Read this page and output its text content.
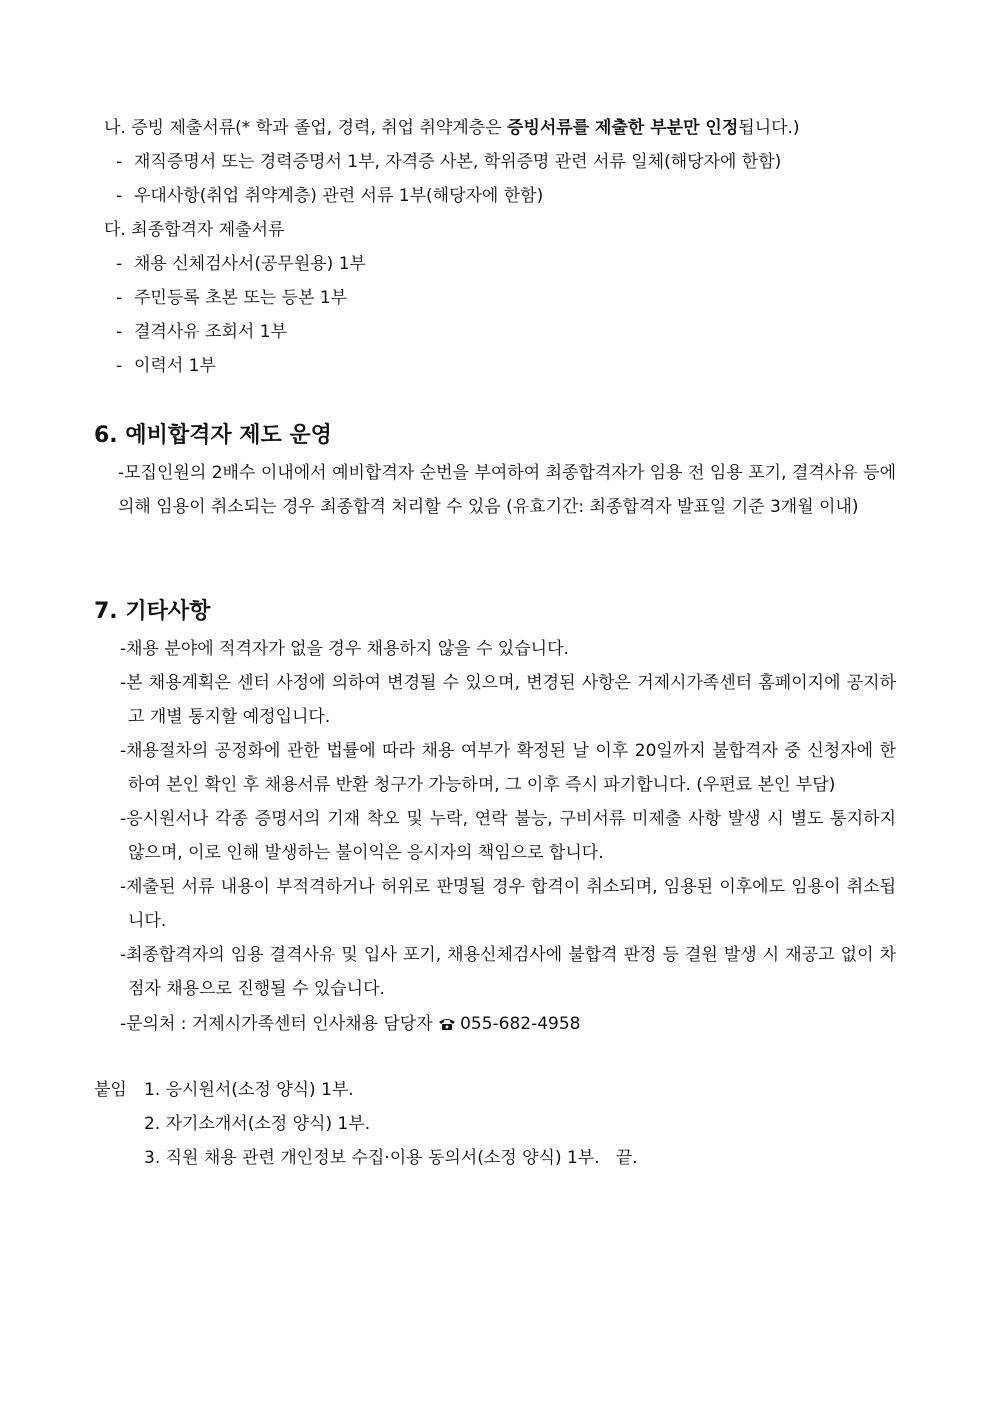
나. 증빙 제출서류(* 학과 졸업, 경력, 취업 취약계층은 증빙서류를 제출한 부분만 인정됩니다.)
- 재직증명서 또는 경력증명서 1부, 자격증 사본, 학위증명 관련 서류 일체(해당자에 한함)
- 우대사항(취업 취약계층) 관련 서류 1부(해당자에 한함)
다. 최종합격자 제출서류
- 채용 신체검사서(공무원용) 1부
- 주민등록 초본 또는 등본 1부
- 결격사유 조회서 1부
- 이력서 1부
6. 예비합격자 제도 운영
-모집인원의 2배수 이내에서 예비합격자 순번을 부여하여 최종합격자가 임용 전 임용 포기, 결격사유 등에 의해 임용이 취소되는 경우 최종합격 처리할 수 있음 (유효기간: 최종합격자 발표일 기준 3개월 이내)
7. 기타사항
-채용 분야에 적격자가 없을 경우 채용하지 않을 수 있습니다.
-본 채용계획은 센터 사정에 의하여 변경될 수 있으며, 변경된 사항은 거제시가족센터 홈페이지에 공지하고 개별 통지할 예정입니다.
-채용절차의 공정화에 관한 법률에 따라 채용 여부가 확정된 날 이후 20일까지 불합격자 중 신청자에 한하여 본인 확인 후 채용서류 반환 청구가 가능하며, 그 이후 즉시 파기합니다. (우편료 본인 부담)
-응시원서나 각종 증명서의 기재 착오 및 누락, 연락 불능, 구비서류 미제출 사항 발생 시 별도 통지하지 않으며, 이로 인해 발생하는 불이익은 응시자의 책임으로 합니다.
-제출된 서류 내용이 부적격하거나 허위로 판명될 경우 합격이 취소되며, 임용된 이후에도 임용이 취소됩니다.
-최종합격자의 임용 결격사유 및 입사 포기, 채용신체검사에 불합격 판정 등 결원 발생 시 재공고 없이 차점자 채용으로 진행될 수 있습니다.
-문의처 : 거제시가족센터 인사채용 담당자 055-682-4958
붙임 1. 응시원서(소정 양식) 1부.
2. 자기소개서(소정 양식) 1부.
3. 직원 채용 관련 개인정보 수집·이용 동의서(소정 양식) 1부.   끝.
